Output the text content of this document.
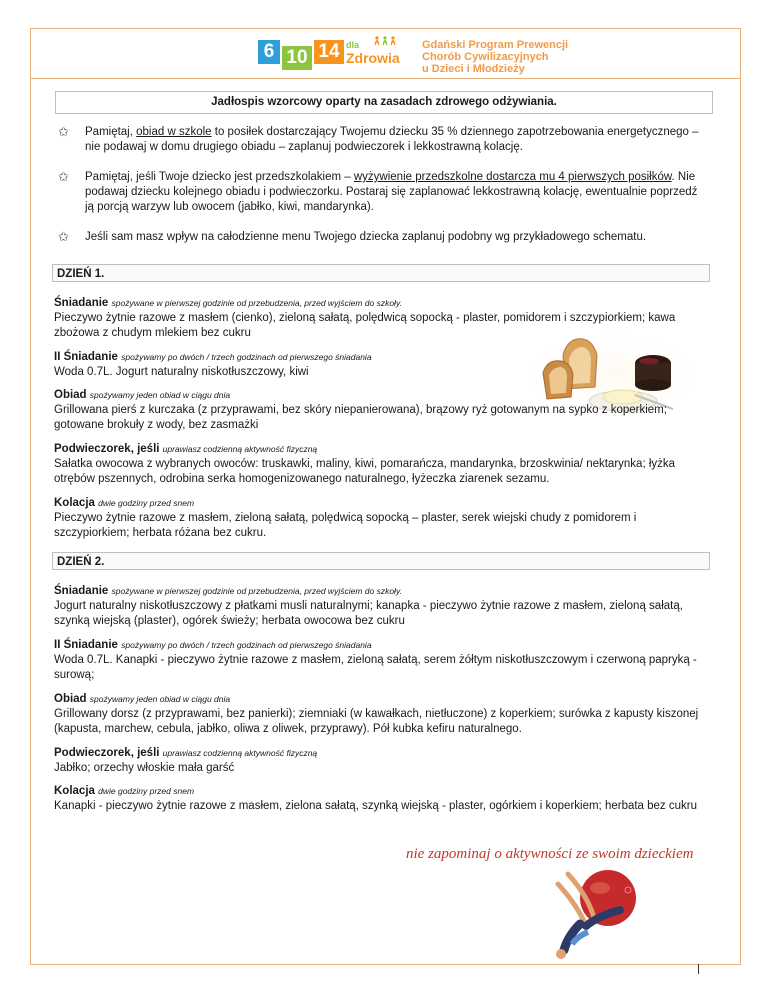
6 10 14 dla
Zdrowia
Gdański Program Prewencji
Chorób Cywilizacyjnych
u Dzieci i Młodzieży
Jadłospis wzorcowy oparty na zasadach zdrowego odżywiania.
✩ Pamiętaj, obiad w szkole to posiłek dostarczający Twojemu dziecku 35 % dziennego zapotrzebowania energetycznego – nie podawaj w domu drugiego obiadu – zaplanuj podwieczorek i lekkostrawną kolację.
✩ Pamiętaj, jeśli Twoje dziecko jest przedszkolakiem – wyżywienie przedszkolne dostarcza mu 4 pierwszych posiłków. Nie podawaj dziecku kolejnego obiadu i podwieczorku. Postaraj się zaplanować lekkostrawną kolację, ewentualnie poprzedź ją porcją warzyw lub owocem (jabłko, kiwi, mandarynka).
✩ Jeśli sam masz wpływ na całodzienne menu Twojego dziecka zaplanuj podobny wg przykładowego schematu.
DZIEŃ 1.
Śniadanie spożywane w pierwszej godzinie od przebudzenia, przed wyjściem do szkoły.
Pieczywo żytnie razowe z masłem (cienko), zieloną sałatą, polędwicą sopocką - plaster, pomidorem i szczypiorkiem; kawa zbożowa z chudym mlekiem bez cukru
II Śniadanie spożywamy po dwóch / trzech godzinach od pierwszego śniadania
Woda 0.7L. Jogurt naturalny niskotłuszczowy, kiwi
Obiad spożywamy jeden obiad w ciągu dnia
Grillowana pierś z kurczaka (z przyprawami, bez skóry niepanierowana), brązowy ryż gotowanym na sypko z koperkiem; gotowane brokuły z wody, bez zasmażki
Podwieczorek, jeśli uprawiasz codzienną aktywność fizyczną
Sałatka owocowa z wybranych owoców: truskawki, maliny, kiwi, pomarańcza, mandarynka, brzoskwinia/ nektarynka; łyżka otrębów pszennych, odrobina serka homogenizowanego naturalnego, łyżeczka ziarenek sezamu.
Kolacja dwie godziny przed snem
Pieczywo żytnie razowe z masłem, zieloną sałatą, polędwicą sopocką – plaster, serek wiejski chudy z pomidorem i szczypiorkiem; herbata różana bez cukru.
DZIEŃ 2.
Śniadanie spożywane w pierwszej godzinie od przebudzenia, przed wyjściem do szkoły.
Jogurt naturalny niskotłuszczowy z płatkami musli naturalnymi; kanapka - pieczywo żytnie razowe z masłem, zieloną sałatą, szynką wiejską (plaster), ogórek świeży; herbata owocowa bez cukru
II Śniadanie spożywamy po dwóch / trzech godzinach od pierwszego śniadania
Woda 0.7L. Kanapki - pieczywo żytnie razowe z masłem, zieloną sałatą, serem żółtym niskotłuszczowym i czerwoną papryką - surową;
Obiad spożywamy jeden obiad w ciągu dnia
Grillowany dorsz (z przyprawami, bez panierki); ziemniaki (w kawałkach, nietłuczone) z koperkiem; surówka z kapusty kiszonej (kapusta, marchew, cebula, jabłko, oliwa z oliwek, przyprawy). Pół kubka kefiru naturalnego.
Podwieczorek, jeśli uprawiasz codzienną aktywność fizyczną
Jabłko; orzechy włoskie mała garść
Kolacja dwie godziny przed snem
Kanapki - pieczywo żytnie razowe z masłem, zielona sałatą, szynką wiejską - plaster, ogórkiem i koperkiem; herbata bez cukru
nie zapominaj o aktywności ze swoim dzieckiem
